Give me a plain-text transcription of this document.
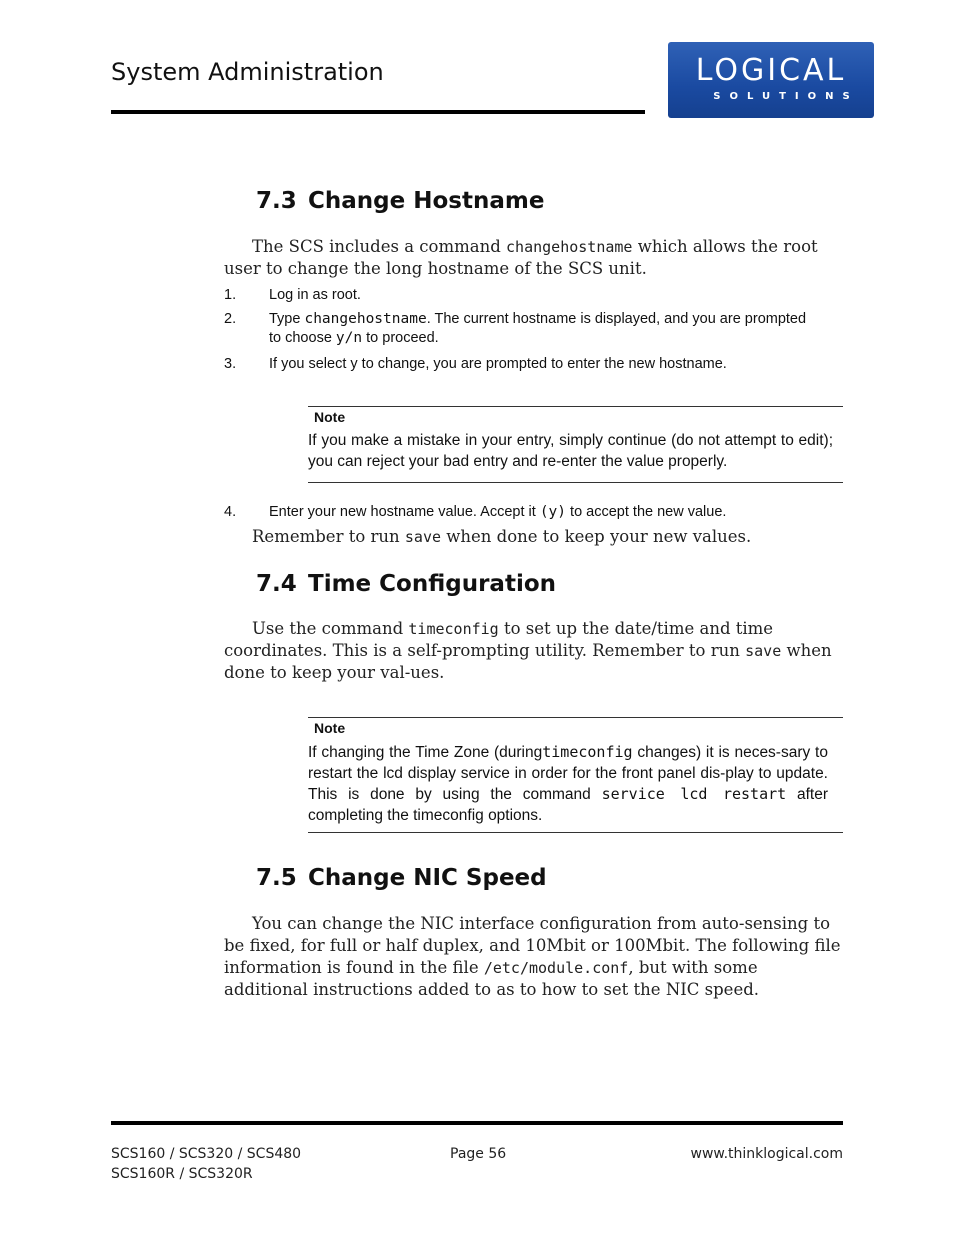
System Administration	LOGICAL
SOLUTIONS
7.3 Change Hostname
The SCS includes a command changehostname which allows the root user to change the long hostname of the SCS unit.
1. Log in as root.
2. Type changehostname. The current hostname is displayed, and you are prompted to choose y/n to proceed.
3. If you select y to change, you are prompted to enter the new hostname.
Note
If you make a mistake in your entry, simply continue (do not attempt to edit); you can reject your bad entry and re-enter the value properly.
4. Enter your new hostname value. Accept it (y) to accept the new value.
Remember to run save when done to keep your new values.
7.4 Time Configuration
Use the command timeconfig to set up the date/time and time coordinates. This is a self-prompting utility. Remember to run save when done to keep your val-ues.
Note
If changing the Time Zone (duringtimeconfig changes) it is neces-sary to restart the lcd display service in order for the front panel dis-play to update. This is done by using the command service lcd restart after completing the timeconfig options.
7.5 Change NIC Speed
You can change the NIC interface configuration from auto-sensing to be fixed, for full or half duplex, and 10Mbit or 100Mbit. The following file information is found in the file /etc/module.conf, but with some additional instructions added to as to how to set the NIC speed.
SCS160 / SCS320 / SCS480
SCS160R / SCS320R
Page 56	www.thinklogical.com
